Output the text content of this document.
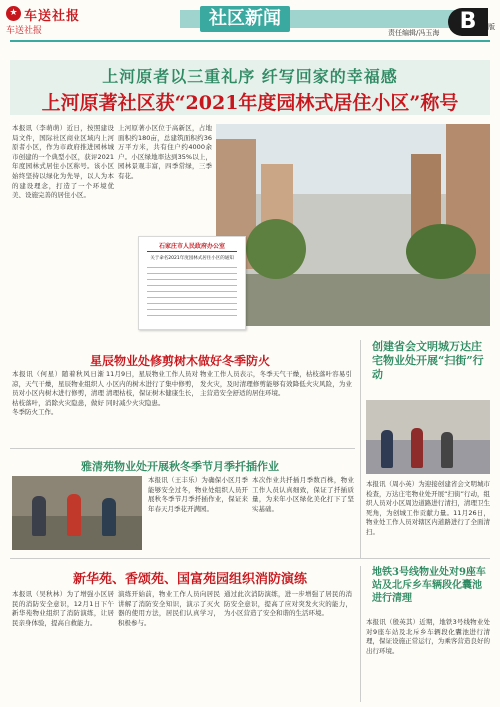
★ 车送社报
车送社报
社区新闻
责任编辑/冯玉海 B	版
上河原者以三重礼序 纤写回家的幸福感
上河原著社区获“2021年度园林式居住小区”称号
本报讯（李萌萌）近日，按照建设局文件，国际社区商业区域内上河原者小区，作为市政府推进园林城市创建的一个典型小区，获评2021年度园林式居住小区称号。该小区始终坚持以绿化为先导，以人为本的建设理念，打造了一个环境优美、设施完善的居住小区。
上河原著小区位于高新区，占地面积约180亩，总建筑面积约36万平方米，共有住户约4000余户。小区绿地率达到35%以上，园林景观丰富，四季常绿，三季有花。
石家庄市人民政府办公室
关于命名2021年度园林式居住小区的通知
星辰物业处修剪树木做好冬季防火
本报讯（何星）随着秋风日渐凉，天气干燥，星辰物业组织人员对小区内树木进行修剪，清理枯枝落叶，消除火灾隐患，做好冬季防火工作。
11月9日，星辰物业工作人员对小区内的树木进行了集中修剪，清理枯枝，保证树木健康生长，同时减少火灾隐患。
物业工作人员表示，冬季天气干燥，枯枝落叶容易引发火灾，及时清理修剪能够有效降低火灾风险，为业主营造安全舒适的居住环境。
雅清苑物业处开展秋冬季节月季扦插作业
本报讯（王丰乐）为确保小区月季能够安全过冬，物业处组织人员开展秋冬季节月季扦插作业，保证来年春天月季花开满园。
本次作业共扦插月季数百株，物业工作人员认真细致，保证了扦插质量，为来年小区绿化美化打下了坚实基础。
新华苑、香颂苑、国富苑园组织消防演练
本报讯（吴秋林）为了增强小区居民的消防安全意识，12月1日下午新华苑物业组织了消防演练，让居民亲身体验，提高自救能力。
演练开始前，物业工作人员向居民讲解了消防安全知识，演示了灭火器的使用方法，居民们认真学习，积极参与。
通过此次消防演练，进一步增强了居民的消防安全意识，提高了应对突发火灾的能力，为小区营造了安全和谐的生活环境。
创建省会文明城万达庄宅物业处开展“扫街”行动
本报讯（周小英）为迎接创建省会文明城市检查，万达庄宅物业处开展“扫街”行动，组织人员对小区周边道路进行清扫，清理卫生死角，为创城工作贡献力量。11月26日，物业处工作人员对辖区内道路进行了全面清扫。
地铁3号线物业处对9座车站及北斥乡车辆段化囊池进行清理
本报讯（殷英其）近期，地铁3号线物业处对9座车站及北斥乡车辆段化囊池进行清理，保证设施正常运行，为乘客营造良好的出行环境。
